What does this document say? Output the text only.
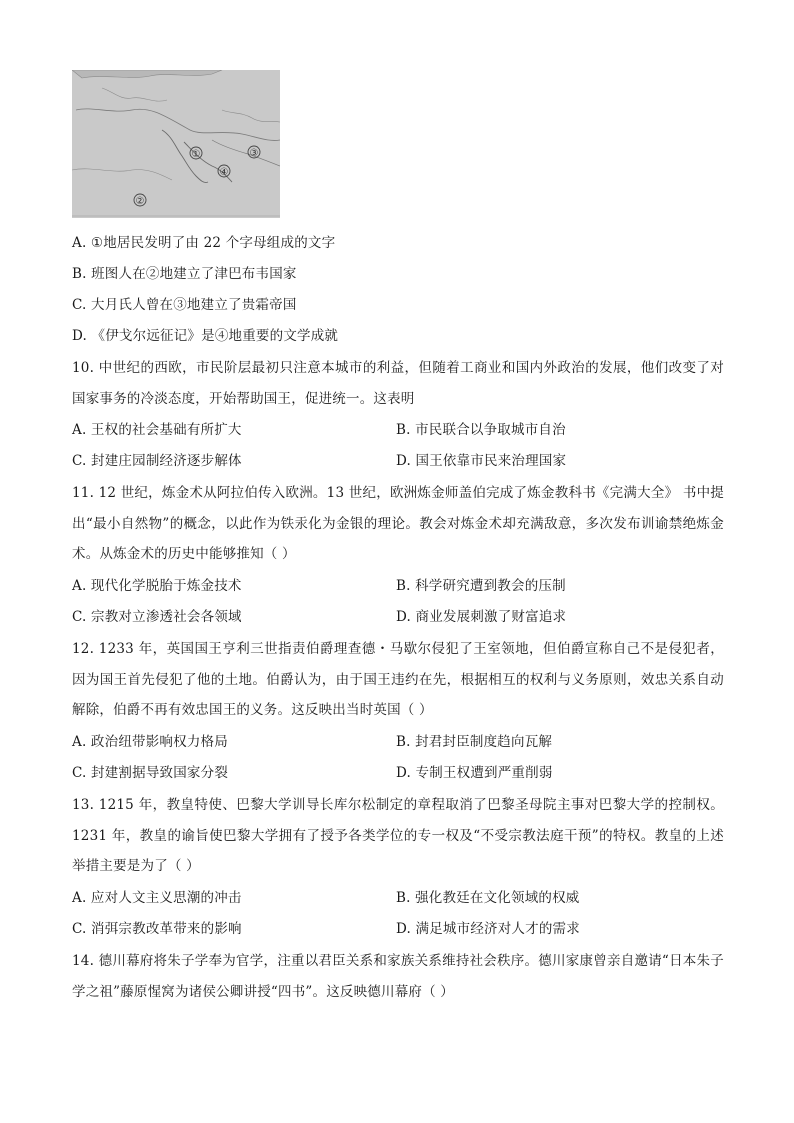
①
②
③
④
A. ①地居民发明了由 22 个字母组成的文字
B. 班图人在②地建立了津巴布韦国家
C. 大月氏人曾在③地建立了贵霜帝国
D. 《伊戈尔远征记》是④地重要的文学成就
10. 中世纪的西欧，市民阶层最初只注意本城市的利益，但随着工商业和国内外政治的发展，他们改变了对国家事务的冷淡态度，开始帮助国王，促进统一。这表明
A. 王权的社会基础有所扩大	B. 市民联合以争取城市自治
C. 封建庄园制经济逐步解体	D. 国王依靠市民来治理国家
11. 12 世纪，炼金术从阿拉伯传入欧洲。13 世纪，欧洲炼金师盖伯完成了炼金教科书《完满大全》 书中提出“最小自然物”的概念，以此作为铁汞化为金银的理论。教会对炼金术却充满敌意，多次发布训谕禁绝炼金术。从炼金术的历史中能够推知（ ）
A. 现代化学脱胎于炼金技术	B. 科学研究遭到教会的压制
C. 宗教对立渗透社会各领域	D. 商业发展刺激了财富追求
12. 1233 年，英国国王亨利三世指责伯爵理查德・马歇尔侵犯了王室领地，但伯爵宣称自己不是侵犯者，因为国王首先侵犯了他的土地。伯爵认为，由于国王违约在先，根据相互的权利与义务原则，效忠关系自动解除，伯爵不再有效忠国王的义务。这反映出当时英国（ ）
A. 政治纽带影响权力格局	B. 封君封臣制度趋向瓦解
C. 封建割据导致国家分裂	D. 专制王权遭到严重削弱
13. 1215 年，教皇特使、巴黎大学训导长库尔松制定的章程取消了巴黎圣母院主事对巴黎大学的控制权。1231 年，教皇的谕旨使巴黎大学拥有了授予各类学位的专一权及“不受宗教法庭干预”的特权。教皇的上述举措主要是为了（ ）
A. 应对人文主义思潮的冲击	B. 强化教廷在文化领域的权威
C. 消弭宗教改革带来的影响	D. 满足城市经济对人才的需求
14. 德川幕府将朱子学奉为官学，注重以君臣关系和家族关系维持社会秩序。德川家康曾亲自邀请“日本朱子学之祖”藤原惺窝为诸侯公卿讲授“四书”。这反映德川幕府（ ）
